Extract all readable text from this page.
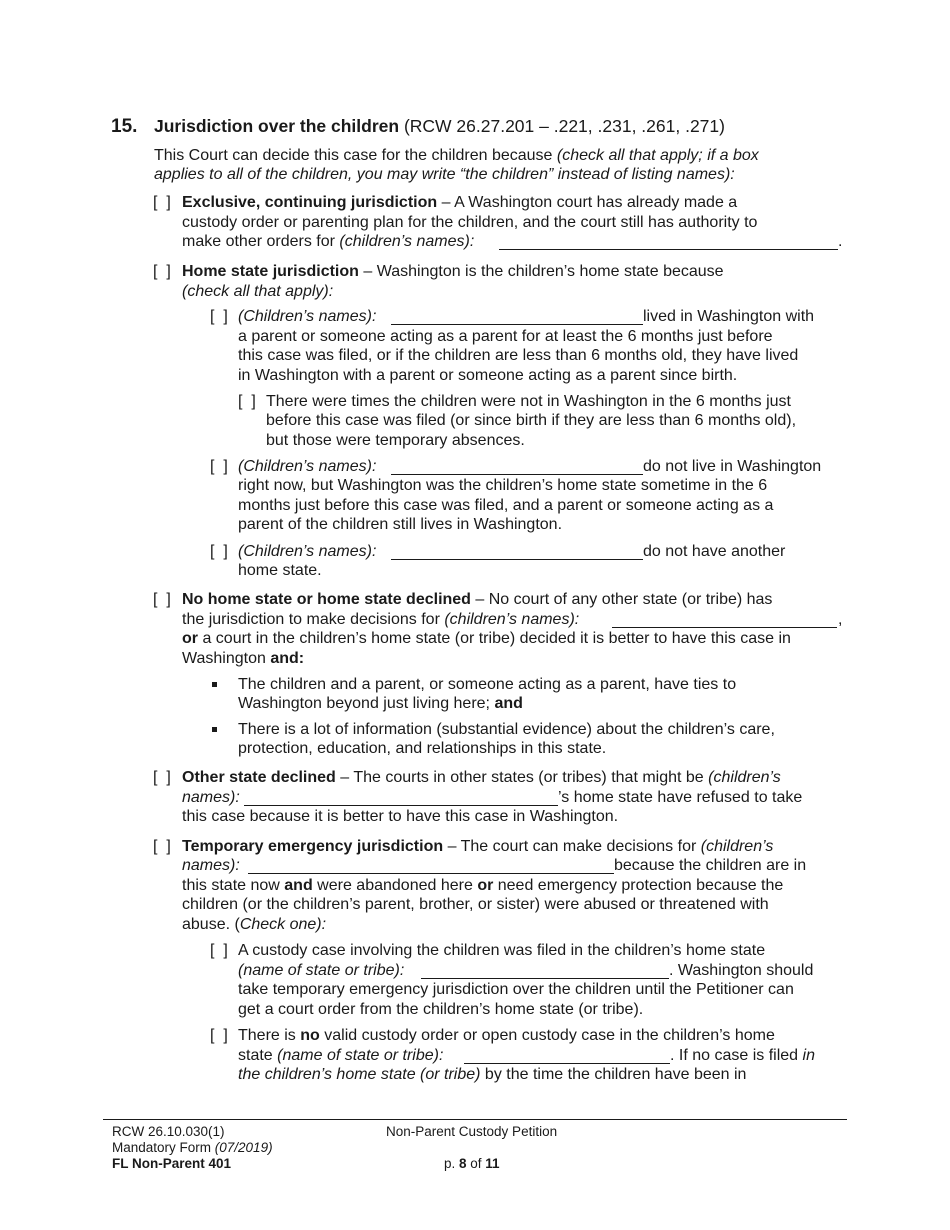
15. Jurisdiction over the children (RCW 26.27.201 – .221, .231, .261, .271)
This Court can decide this case for the children because (check all that apply; if a box
applies to all of the children, you may write “the children” instead of listing names):
[  ] Exclusive, continuing jurisdiction – A Washington court has already made a
custody order or parenting plan for the children, and the court still has authority to
make other orders for (children’s names):	.
[  ] Home state jurisdiction – Washington is the children’s home state because
(check all that apply):
[  ] (Children’s names):	lived in Washington with
a parent or someone acting as a parent for at least the 6 months just before
this case was filed, or if the children are less than 6 months old, they have lived
in Washington with a parent or someone acting as a parent since birth.
[  ] There were times the children were not in Washington in the 6 months just
before this case was filed (or since birth if they are less than 6 months old),
but those were temporary absences.
[  ] (Children’s names):	do not live in Washington
right now, but Washington was the children’s home state sometime in the 6
months just before this case was filed, and a parent or someone acting as a
parent of the children still lives in Washington.
[  ] (Children’s names):	do not have another
home state.
[  ] No home state or home state declined – No court of any other state (or tribe) has
the jurisdiction to make decisions for (children’s names):	,
or a court in the children’s home state (or tribe) decided it is better to have this case in
Washington and:
The children and a parent, or someone acting as a parent, have ties to
Washington beyond just living here; and
There is a lot of information (substantial evidence) about the children’s care,
protection, education, and relationships in this state.
[  ] Other state declined – The courts in other states (or tribes) that might be (children’s
names):	’s home state have refused to take
this case because it is better to have this case in Washington.
[  ] Temporary emergency jurisdiction – The court can make decisions for (children’s
names):	because the children are in
this state now and were abandoned here or need emergency protection because the
children (or the children’s parent, brother, or sister) were abused or threatened with
abuse. (Check one):
[  ] A custody case involving the children was filed in the children’s home state
(name of state or tribe):	. Washington should
take temporary emergency jurisdiction over the children until the Petitioner can
get a court order from the children’s home state (or tribe).
[  ] There is no valid custody order or open custody case in the children’s home
state (name of state or tribe):	. If no case is filed in
the children’s home state (or tribe) by the time the children have been in
RCW 26.10.030(1)
Mandatory Form (07/2019)
FL Non-Parent 401
Non-Parent Custody Petition
p. 8 of 11
